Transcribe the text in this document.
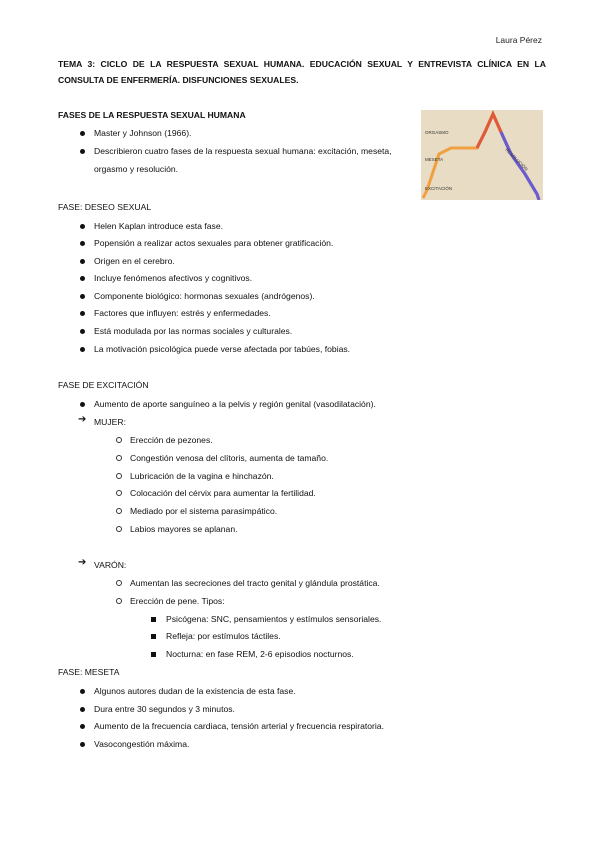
Laura Pérez
TEMA 3: CICLO DE LA RESPUESTA SEXUAL HUMANA. EDUCACIÓN SEXUAL Y ENTREVISTA CLÍNICA EN LA CONSULTA DE ENFERMERÍA. DISFUNCIONES SEXUALES.
FASES DE LA RESPUESTA SEXUAL HUMANA
Master y Johnson (1966).
Describieron cuatro fases de la respuesta sexual humana: excitación, meseta, orgasmo y resolución.
ORGASMO
MESETA
EXCITACIÓN
RESOLUCIÓN
FASE: DESEO SEXUAL
Helen Kaplan introduce esta fase.
Popensión a realizar actos sexuales para obtener gratificación.
Origen en el cerebro.
Incluye fenómenos afectivos y cognitivos.
Componente biológico: hormonas sexuales (andrógenos).
Factores que influyen: estrés y enfermedades.
Está modulada por las normas sociales y culturales.
La motivación psicológica puede verse afectada por tabúes, fobias.
FASE DE EXCITACIÓN
Aumento de aporte sanguíneo a la pelvis y región genital (vasodilatación).
➔ MUJER:
Erección de pezones.
Congestión venosa del clítoris, aumenta de tamaño.
Lubricación de la vagina e hinchazón.
Colocación del cérvix para aumentar la fertilidad.
Mediado por el sistema parasimpático.
Labios mayores se aplanan.
➔ VARÓN:
Aumentan las secreciones del tracto genital y glándula prostática.
Erección de pene. Tipos:
Psicógena: SNC, pensamientos y estímulos sensoriales.
Refleja: por estímulos táctiles.
Nocturna: en fase REM, 2-6 episodios nocturnos.
FASE: MESETA
Algunos autores dudan de la existencia de esta fase.
Dura entre 30 segundos y 3 minutos.
Aumento de la frecuencia cardiaca, tensión arterial y frecuencia respiratoria.
Vasocongestión máxima.
